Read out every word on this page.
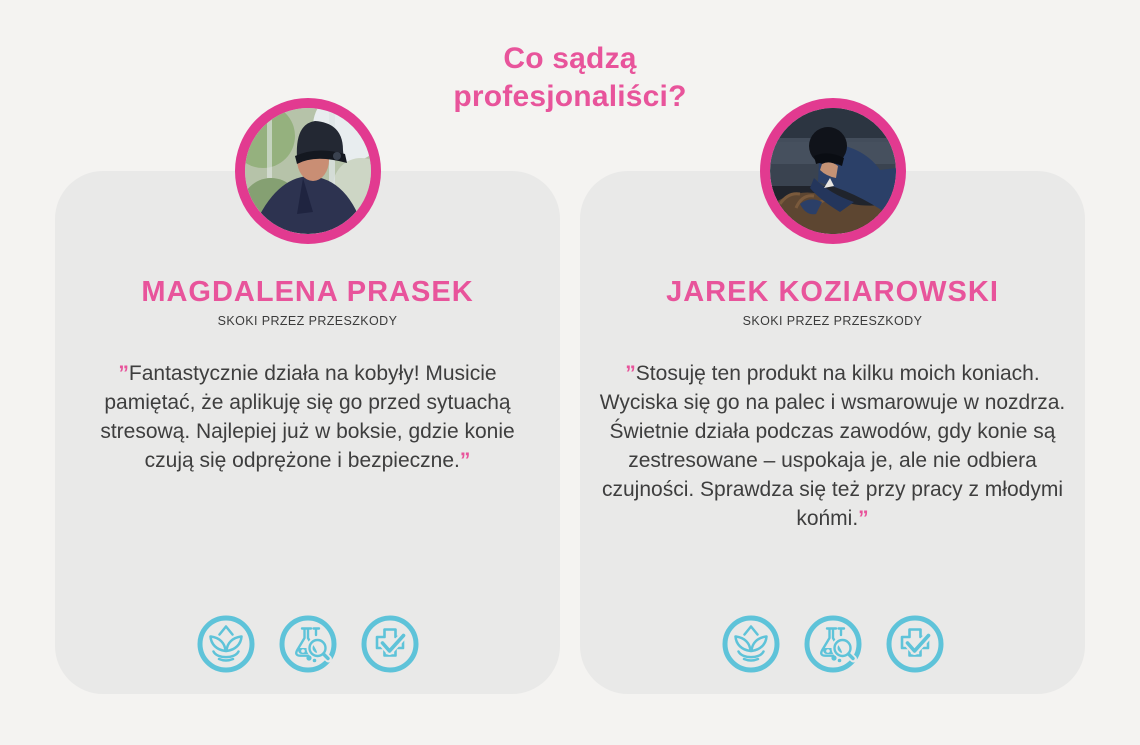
Co sądzą profesjonaliści?
MAGDALENA PRASEK
SKOKI PRZEZ PRZESZKODY

”Fantastycznie działa na kobyły! Musicie pamiętać, że aplikuję się go przed sytuachą stresową. Najlepiej już w boksie, gdzie konie czują się odprężone i bezpieczne.”

JAREK KOZIAROWSKI
SKOKI PRZEZ PRZESZKODY

”Stosuję ten produkt na kilku moich koniach. Wyciska się go na palec i wsmarowuje w nozdrza. Świetnie działa podczas zawodów, gdy konie są zestresowane – uspokaja je, ale nie odbiera czujności. Sprawdza się też przy pracy z młodymi końmi.”
